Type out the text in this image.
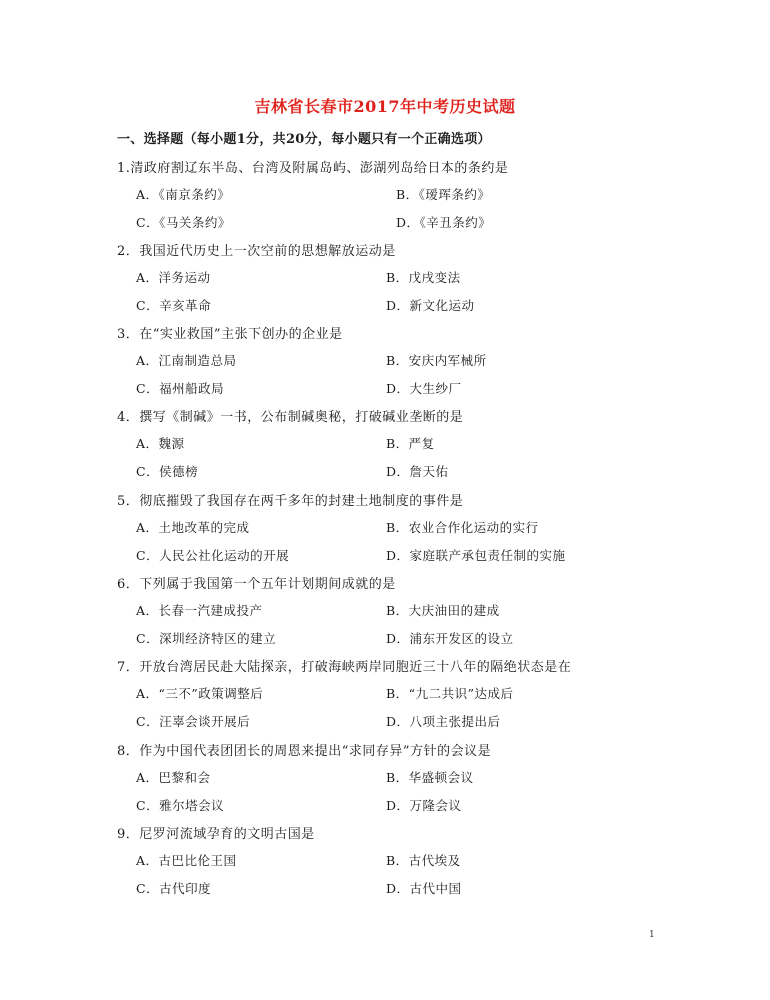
吉林省长春市2017年中考历史试题
一、选择题（每小题1分，共20分，每小题只有一个正确选项）
1.清政府割辽东半岛、台湾及附属岛屿、澎湖列岛给日本的条约是
A．《南京条约》	B．《瑷珲条约》
C．《马关条约》	D．《辛丑条约》
2．我国近代历史上一次空前的思想解放运动是
A．洋务运动	B．戊戌变法
C．辛亥革命	D．新文化运动
3．在“实业救国”主张下创办的企业是
A．江南制造总局	B．安庆内军械所
C．福州船政局	D．大生纱厂
4．撰写《制碱》一书，公布制碱奥秘，打破碱业垄断的是
A．魏源	B．严复
C．侯德榜	D．詹天佑
5．彻底摧毁了我国存在两千多年的封建土地制度的事件是
A．土地改革的完成	B．农业合作化运动的实行
C．人民公社化运动的开展	D．家庭联产承包责任制的实施
6．下列属于我国第一个五年计划期间成就的是
A．长春一汽建成投产	B．大庆油田的建成
C．深圳经济特区的建立	D．浦东开发区的设立
7．开放台湾居民赴大陆探亲，打破海峡两岸同胞近三十八年的隔绝状态是在
A．“三不”政策调整后	B．“九二共识”达成后
C．汪辜会谈开展后	D．八项主张提出后
8．作为中国代表团团长的周恩来提出“求同存异”方针的会议是
A．巴黎和会	B．华盛顿会议
C．雅尔塔会议	D．万隆会议
9．尼罗河流域孕育的文明古国是
A．古巴比伦王国	B．古代埃及
C．古代印度	D．古代中国
1
